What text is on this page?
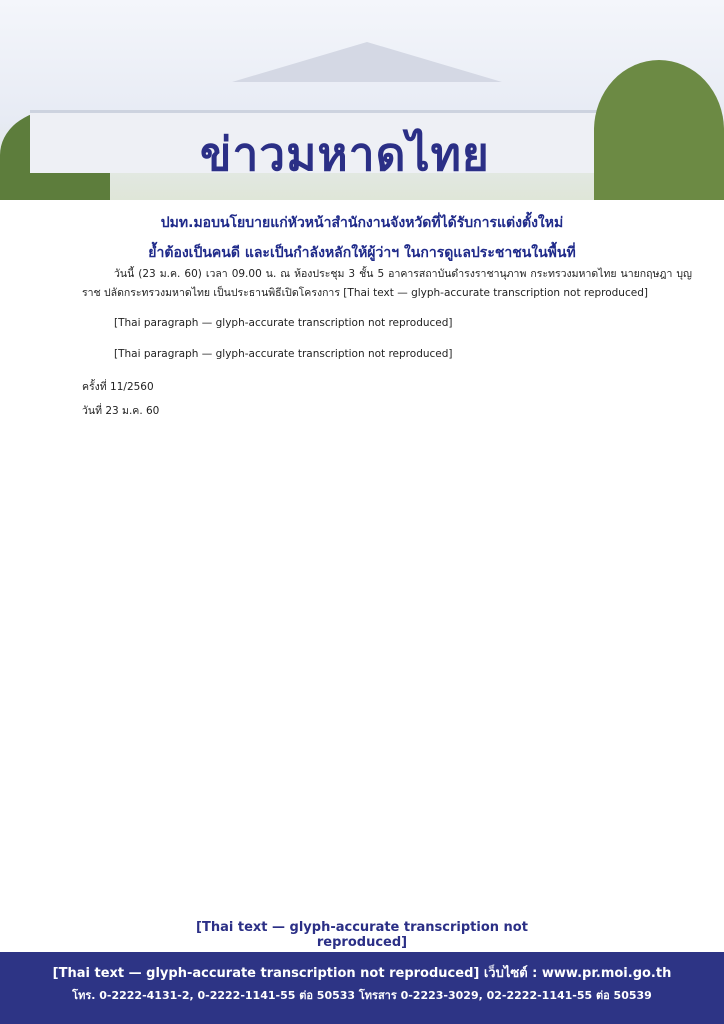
ข่าวมหาดไทย
ปมท.มอบนโยบายแก่หัวหน้าสำนักงานจังหวัดที่ได้รับการแต่งตั้งใหม่
ย้ำต้องเป็นคนดี และเป็นกำลังหลักให้ผู้ว่าฯ ในการดูแลประชาชนในพื้นที่

วันนี้ (23 ม.ค. 60) เวลา 09.00 น. ณ ห้องประชุม 3 ชั้น 5 อาคารสถาบันดำรงราชานุภาพ กระทรวงมหาดไทย นายกฤษฎา บุญราช ปลัดกระทรวงมหาดไทย เป็นประธานพิธีเปิดโครงการ [Thai text — glyph-accurate transcription not reproduced]

[Thai paragraph — glyph-accurate transcription not reproduced]

[Thai paragraph — glyph-accurate transcription not reproduced]

ครั้งที่ 11/2560

วันที่ 23 ม.ค. 60

[Thai text — glyph-accurate transcription not reproduced]
[Thai text — glyph-accurate transcription not reproduced] เว็บไซต์ : www.pr.moi.go.th
โทร. 0-2222-4131-2, 0-2222-1141-55 ต่อ 50533 โทรสาร 0-2223-3029, 02-2222-1141-55 ต่อ 50539
